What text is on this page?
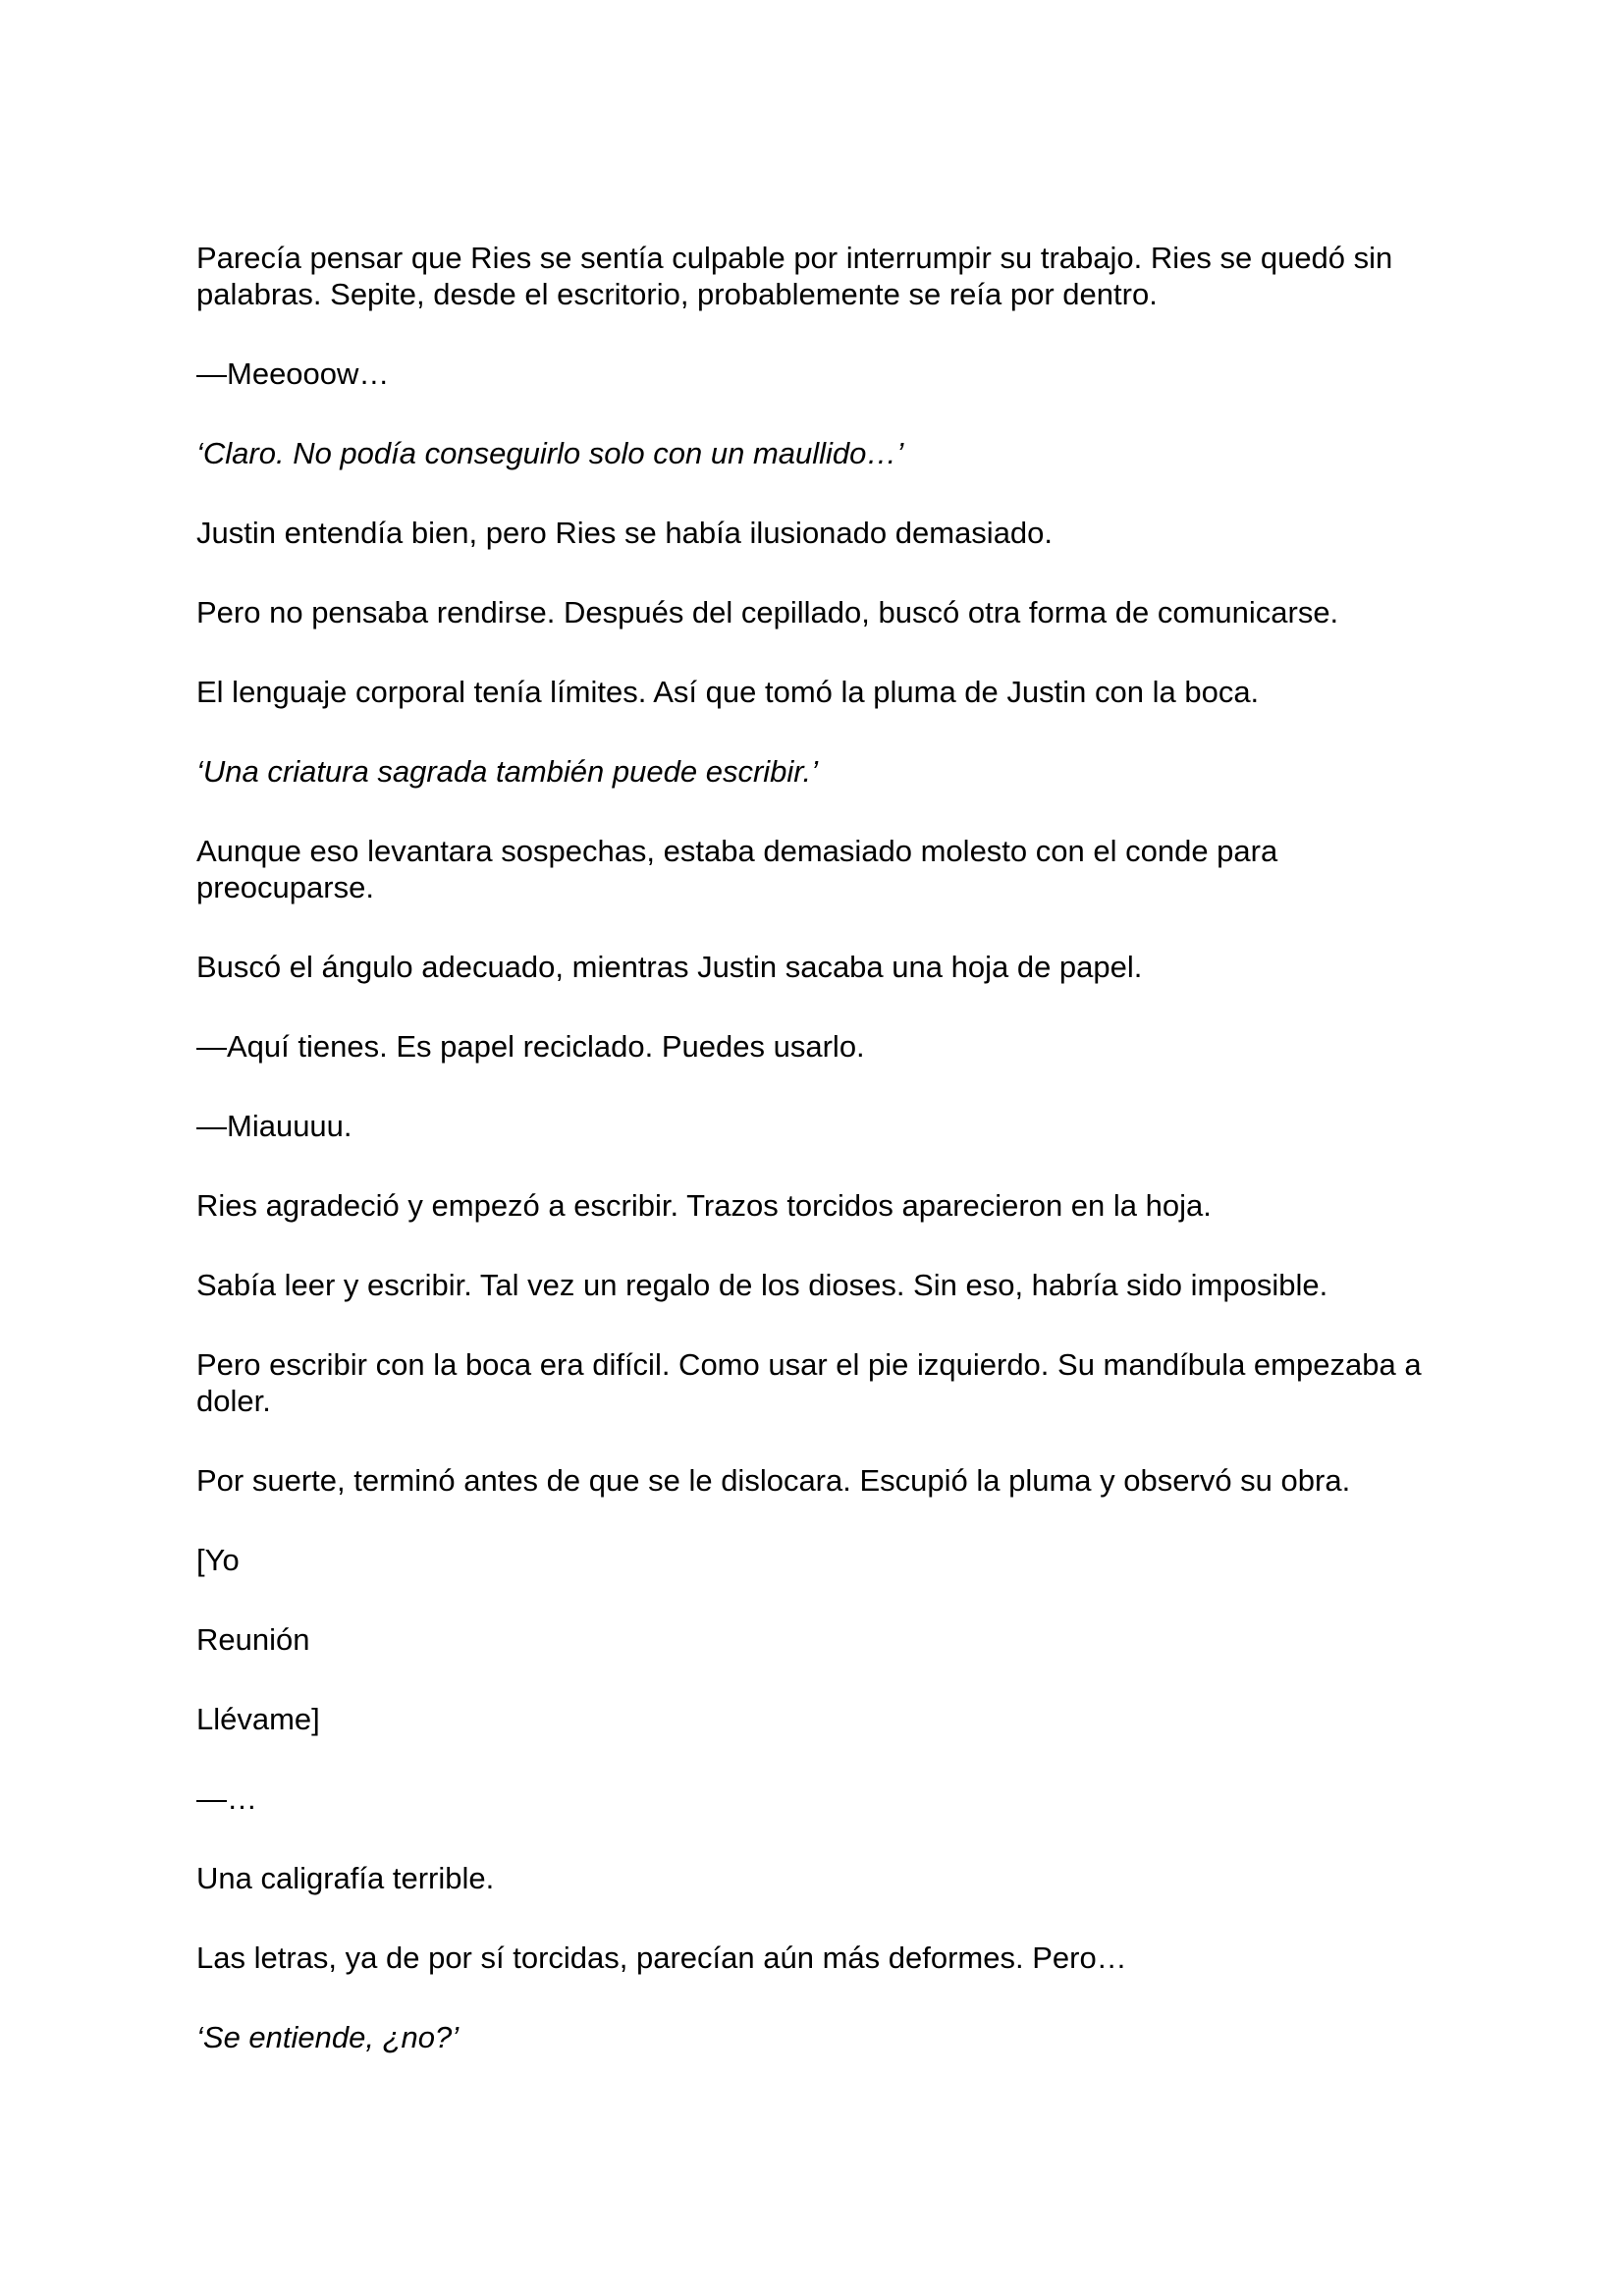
Parecía pensar que Ries se sentía culpable por interrumpir su trabajo. Ries se quedó sin palabras. Sepite, desde el escritorio, probablemente se reía por dentro.

—Meeooow…

‘Claro. No podía conseguirlo solo con un maullido…’

Justin entendía bien, pero Ries se había ilusionado demasiado.

Pero no pensaba rendirse. Después del cepillado, buscó otra forma de comunicarse.

El lenguaje corporal tenía límites. Así que tomó la pluma de Justin con la boca.

‘Una criatura sagrada también puede escribir.’

Aunque eso levantara sospechas, estaba demasiado molesto con el conde para preocuparse.

Buscó el ángulo adecuado, mientras Justin sacaba una hoja de papel.

—Aquí tienes. Es papel reciclado. Puedes usarlo.

—Miauuuu.

Ries agradeció y empezó a escribir. Trazos torcidos aparecieron en la hoja.

Sabía leer y escribir. Tal vez un regalo de los dioses. Sin eso, habría sido imposible.

Pero escribir con la boca era difícil. Como usar el pie izquierdo. Su mandíbula empezaba a doler.

Por suerte, terminó antes de que se le dislocara. Escupió la pluma y observó su obra.

[Yo

Reunión

Llévame]

—…

Una caligrafía terrible.

Las letras, ya de por sí torcidas, parecían aún más deformes. Pero…

‘Se entiende, ¿no?’
